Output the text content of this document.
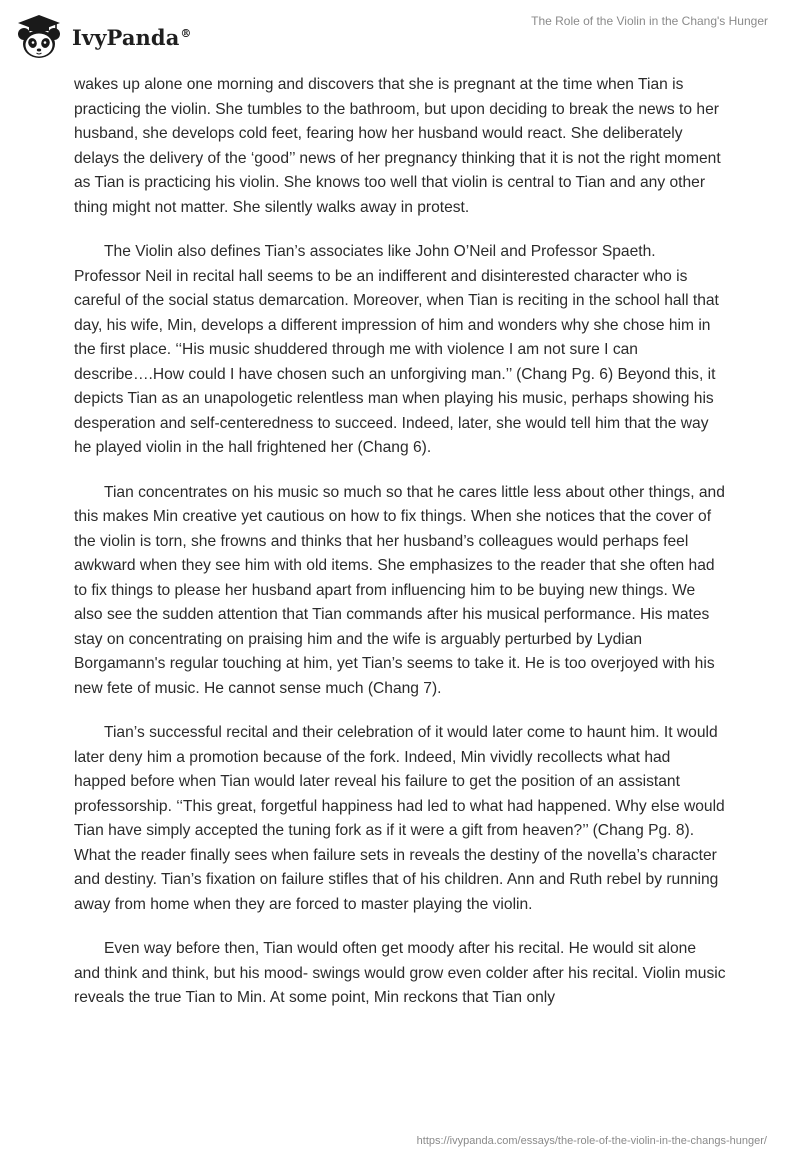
IvyPanda®
The Role of the Violin in the Chang's Hunger

wakes up alone one morning and discovers that she is pregnant at the time when Tian is practicing the violin. She tumbles to the bathroom, but upon deciding to break the news to her husband, she develops cold feet, fearing how her husband would react. She deliberately delays the delivery of the ‘good’’ news of her pregnancy thinking that it is not the right moment as Tian is practicing his violin. She knows too well that violin is central to Tian and any other thing might not matter. She silently walks away in protest.

The Violin also defines Tian’s associates like John O’Neil and Professor Spaeth. Professor Neil in recital hall seems to be an indifferent and disinterested character who is careful of the social status demarcation. Moreover, when Tian is reciting in the school hall that day, his wife, Min, develops a different impression of him and wonders why she chose him in the first place. ‘‘His music shuddered through me with violence I am not sure I can describe….How could I have chosen such an unforgiving man.’’ (Chang Pg. 6) Beyond this, it depicts Tian as an unapologetic relentless man when playing his music, perhaps showing his desperation and self-centeredness to succeed. Indeed, later, she would tell him that the way he played violin in the hall frightened her (Chang 6).

Tian concentrates on his music so much so that he cares little less about other things, and this makes Min creative yet cautious on how to fix things. When she notices that the cover of the violin is torn, she frowns and thinks that her husband’s colleagues would perhaps feel awkward when they see him with old items. She emphasizes to the reader that she often had to fix things to please her husband apart from influencing him to be buying new things. We also see the sudden attention that Tian commands after his musical performance. His mates stay on concentrating on praising him and the wife is arguably perturbed by Lydian Borgamann's regular touching at him, yet Tian’s seems to take it. He is too overjoyed with his new fete of music. He cannot sense much (Chang 7).

Tian’s successful recital and their celebration of it would later come to haunt him. It would later deny him a promotion because of the fork. Indeed, Min vividly recollects what had happed before when Tian would later reveal his failure to get the position of an assistant professorship. ‘‘This great, forgetful happiness had led to what had happened. Why else would Tian have simply accepted the tuning fork as if it were a gift from heaven?’’ (Chang Pg. 8). What the reader finally sees when failure sets in reveals the destiny of the novella’s character and destiny. Tian’s fixation on failure stifles that of his children. Ann and Ruth rebel by running away from home when they are forced to master playing the violin.

Even way before then, Tian would often get moody after his recital. He would sit alone and think and think, but his mood- swings would grow even colder after his recital. Violin music reveals the true Tian to Min. At some point, Min reckons that Tian only

https://ivypanda.com/essays/the-role-of-the-violin-in-the-changs-hunger/
